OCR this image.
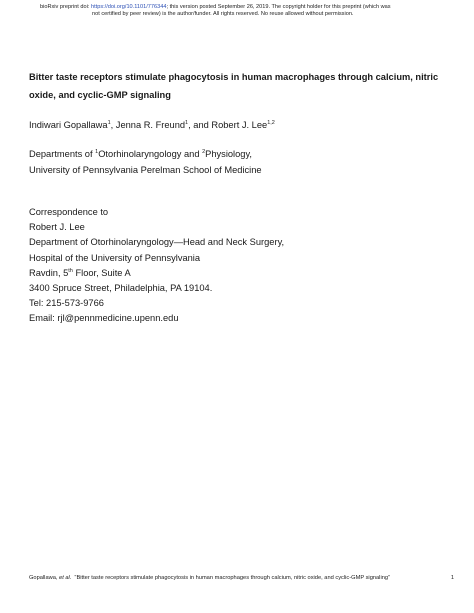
bioRxiv preprint doi: https://doi.org/10.1101/776344; this version posted September 26, 2019. The copyright holder for this preprint (which was
not certified by peer review) is the author/funder. All rights reserved. No reuse allowed without permission.
Bitter taste receptors stimulate phagocytosis in human macrophages through calcium, nitric
oxide, and cyclic-GMP signaling
Indiwari Gopallawa$^1$, Jenna R. Freund$^1$, and Robert J. Lee$^{1,2}$
Departments of $^1$Otorhinolaryngology and $^2$Physiology,
University of Pennsylvania Perelman School of Medicine
Correspondence to
Robert J. Lee
Department of Otorhinolaryngology—Head and Neck Surgery,
Hospital of the University of Pennsylvania
Ravdin, 5th Floor, Suite A
3400 Spruce Street, Philadelphia, PA 19104.
Tel: 215-573-9766
Email: rjl@pennmedicine.upenn.edu
Gopallawa, et al.  “Bitter taste receptors stimulate phagocytosis in human macrophages through calcium, nitric oxide, and cyclic-GMP signaling”	1
